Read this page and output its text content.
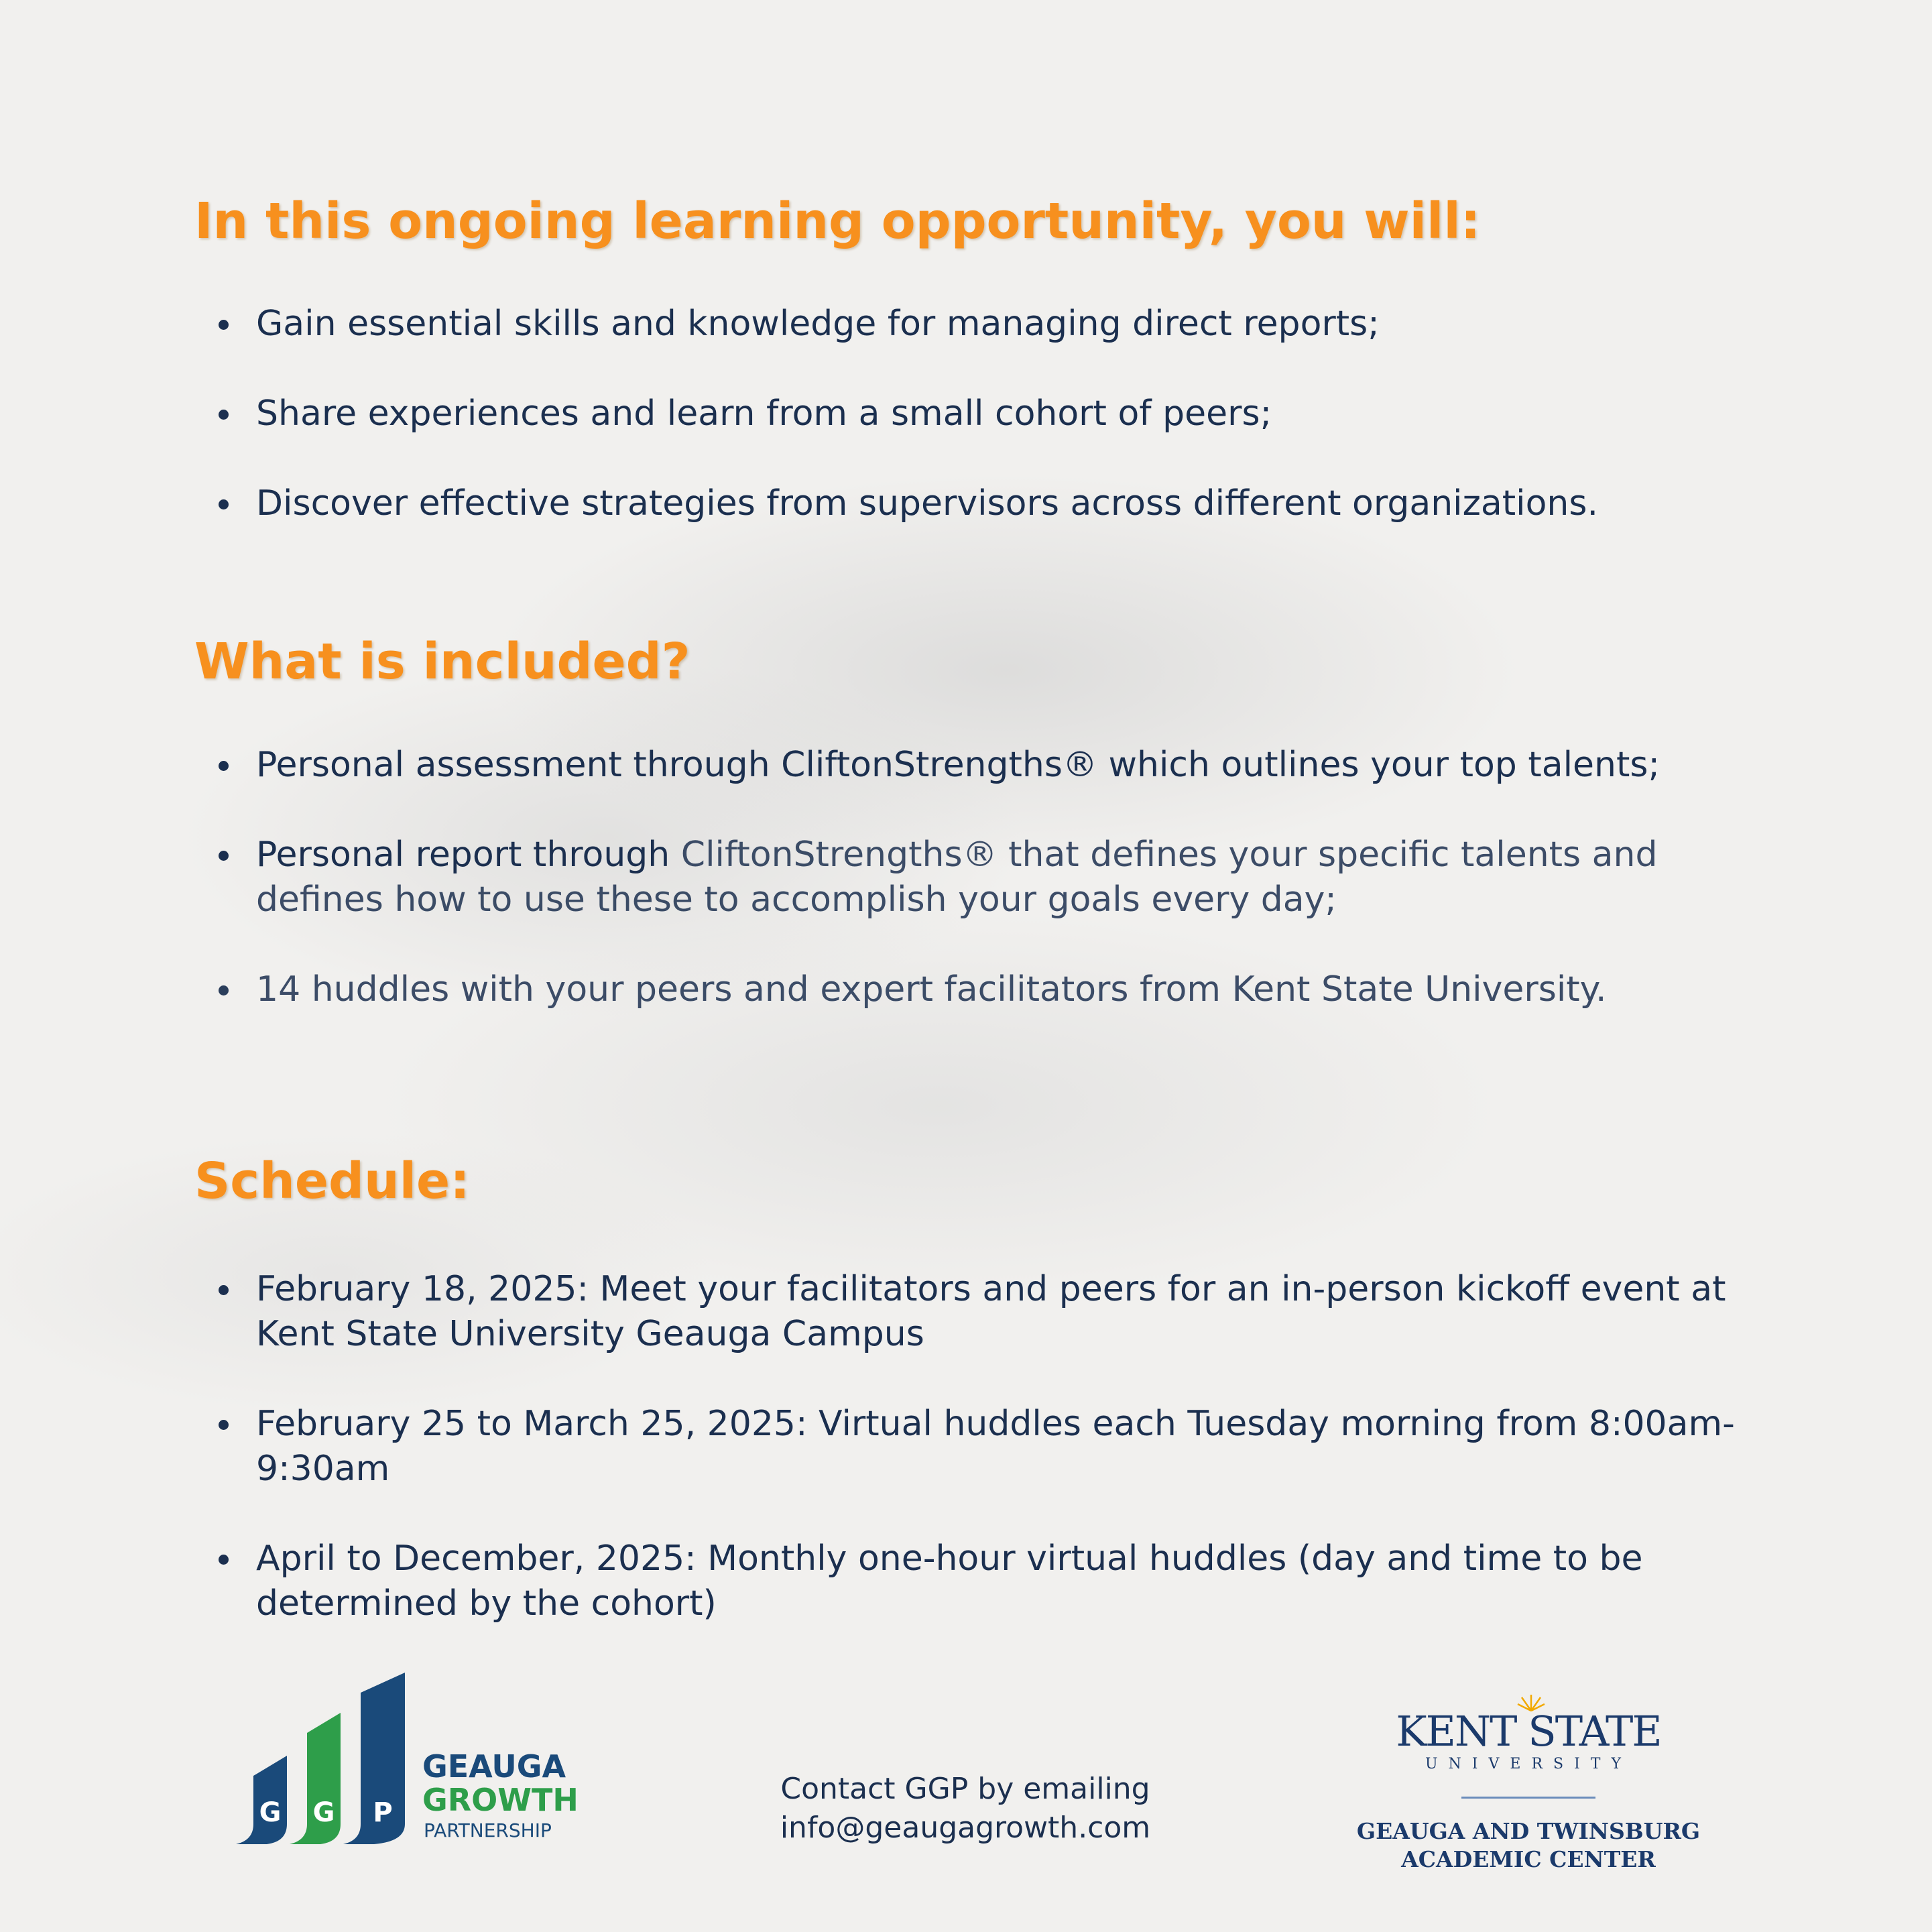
In this ongoing learning opportunity, you will:
Gain essential skills and knowledge for managing direct reports;
Share experiences and learn from a small cohort of peers;
Discover effective strategies from supervisors across different organizations.
What is included?
Personal assessment through CliftonStrengths® which outlines your top talents;
Personal report through CliftonStrengths® that defines your specific talents and defines how to use these to accomplish your goals every day;
14 huddles with your peers and expert facilitators from Kent State University.
Schedule:
February 18, 2025: Meet your facilitators and peers for an in-person kickoff event at Kent State University Geauga Campus
February 25 to March 25, 2025: Virtual huddles each Tuesday morning from 8:00am-9:30am
April to December, 2025: Monthly one-hour virtual huddles (day and time to be determined by the cohort)
G G P
GEAUGA
GROWTH
PARTNERSHIP
Contact GGP by emailing
info@geaugagrowth.com
KENT STATE
UNIVERSITY
GEAUGA AND TWINSBURG
ACADEMIC CENTER
